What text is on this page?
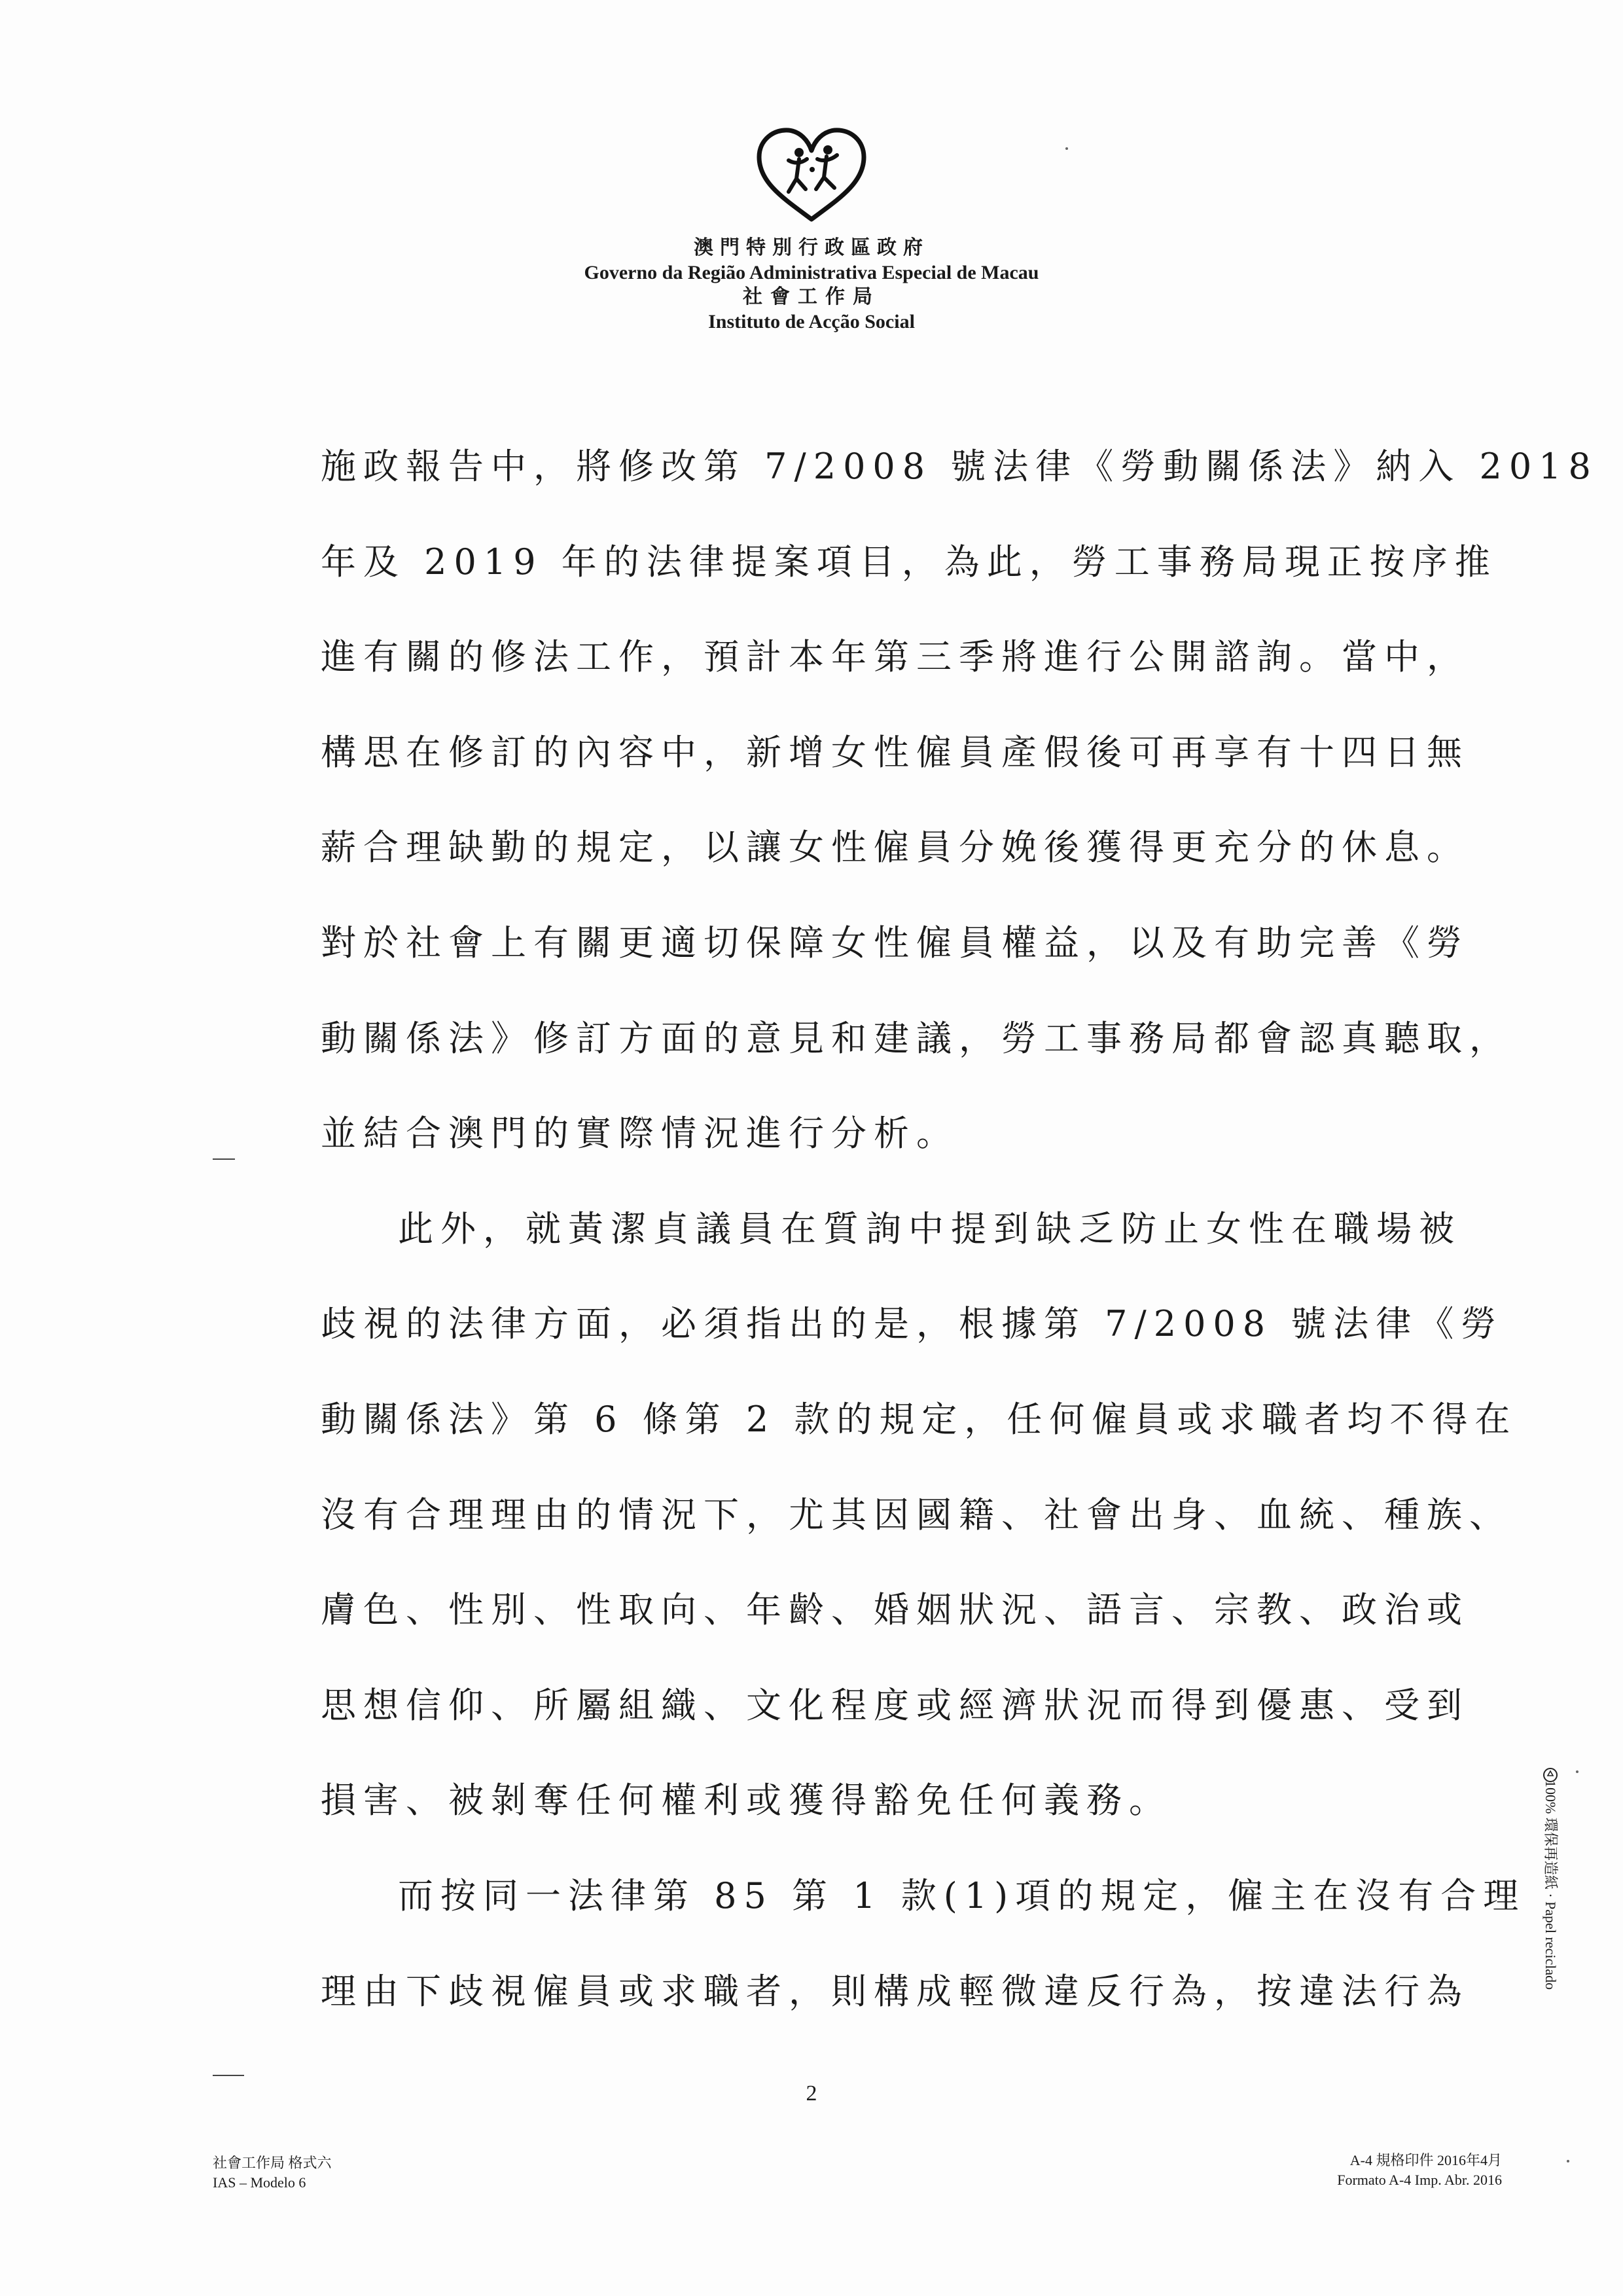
澳門特別行政區政府
Governo da Região Administrativa Especial de Macau
社會工作局
Instituto de Acção Social
施政報告中，將修改第 7/2008 號法律《勞動關係法》納入 2018
年及 2019 年的法律提案項目，為此，勞工事務局現正按序推
進有關的修法工作，預計本年第三季將進行公開諮詢。當中，
構思在修訂的內容中，新增女性僱員產假後可再享有十四日無
薪合理缺勤的規定，以讓女性僱員分娩後獲得更充分的休息。
對於社會上有關更適切保障女性僱員權益，以及有助完善《勞
動關係法》修訂方面的意見和建議，勞工事務局都會認真聽取，
並結合澳門的實際情況進行分析。
此外，就黃潔貞議員在質詢中提到缺乏防止女性在職場被
歧視的法律方面，必須指出的是，根據第 7/2008 號法律《勞
動關係法》第 6 條第 2 款的規定，任何僱員或求職者均不得在
沒有合理理由的情況下，尤其因國籍、社會出身、血統、種族、
膚色、性別、性取向、年齡、婚姻狀況、語言、宗教、政治或
思想信仰、所屬組織、文化程度或經濟狀況而得到優惠、受到
損害、被剝奪任何權利或獲得豁免任何義務。
而按同一法律第 85 第 1 款(1)項的規定，僱主在沒有合理
理由下歧視僱員或求職者，則構成輕微違反行為，按違法行為
2
社會工作局 格式六
IAS – Modelo 6
A-4 規格印件 2016年4月
Formato A-4 Imp. Abr. 2016
100% 環保再造紙 · Papel reciclado
